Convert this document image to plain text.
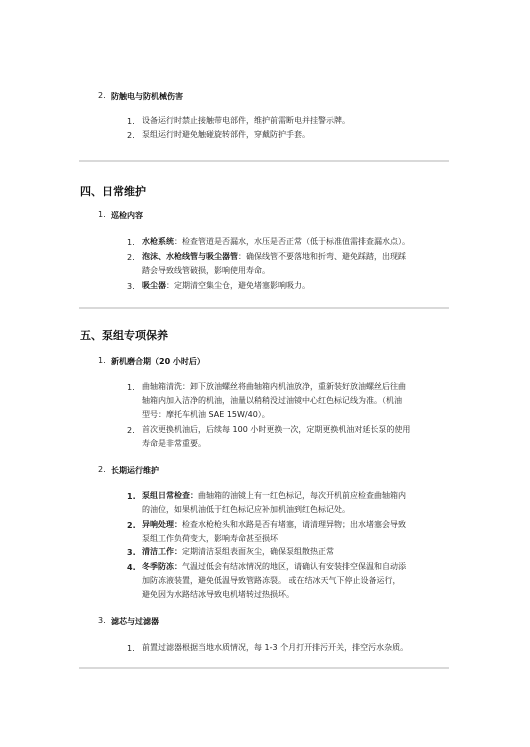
2. 防触电与防机械伤害
1. 设备运行时禁止接触带电部件，维护前需断电并挂警示牌。
2. 泵组运行时避免触碰旋转部件，穿戴防护手套。
四、日常维护
1. 巡检内容
1. 水枪系统：检查管道是否漏水，水压是否正常（低于标准值需排查漏水点）。
2. 泡沫、水枪线管与吸尘器管：确保线管不要落地和折弯、避免踩踏，出现踩
踏会导致线管破损，影响使用寿命。
3. 吸尘器：定期清空集尘仓，避免堵塞影响吸力。
五、泵组专项保养
1. 新机磨合期（20 小时后）
1. 曲轴箱清洗：卸下放油螺丝将曲轴箱内机油放净，重新装好放油螺丝后往曲
轴箱内加入洁净的机油，油量以稍稍没过油镜中心红色标记线为准。（机油
型号：摩托车机油 SAE 15W/40）。
2. 首次更换机油后，后续每 100 小时更换一次，定期更换机油对延长泵的使用
寿命是非常重要。
2. 长期运行维护
1. 泵组日常检查：曲轴箱的油镜上有一红色标记，每次开机前应检查曲轴箱内
的油位，如果机油低于红色标记应补加机油到红色标记处。
2. 异响处理：检查水枪枪头和水路是否有堵塞，请清理异物；出水堵塞会导致
泵组工作负荷变大，影响寿命甚至损坏
3. 清洁工作：定期清洁泵组表面灰尘，确保泵组散热正常
4. 冬季防冻：气温过低会有结冰情况的地区，请确认有安装排空保温和自动添
加防冻液装置，避免低温导致管路冻裂。 或在结冰天气下停止设备运行，
避免因为水路结冰导致电机堵转过热损坏。
3. 滤芯与过滤器
1. 前置过滤器根据当地水质情况，每 1-3 个月打开排污开关，排空污水杂质。
